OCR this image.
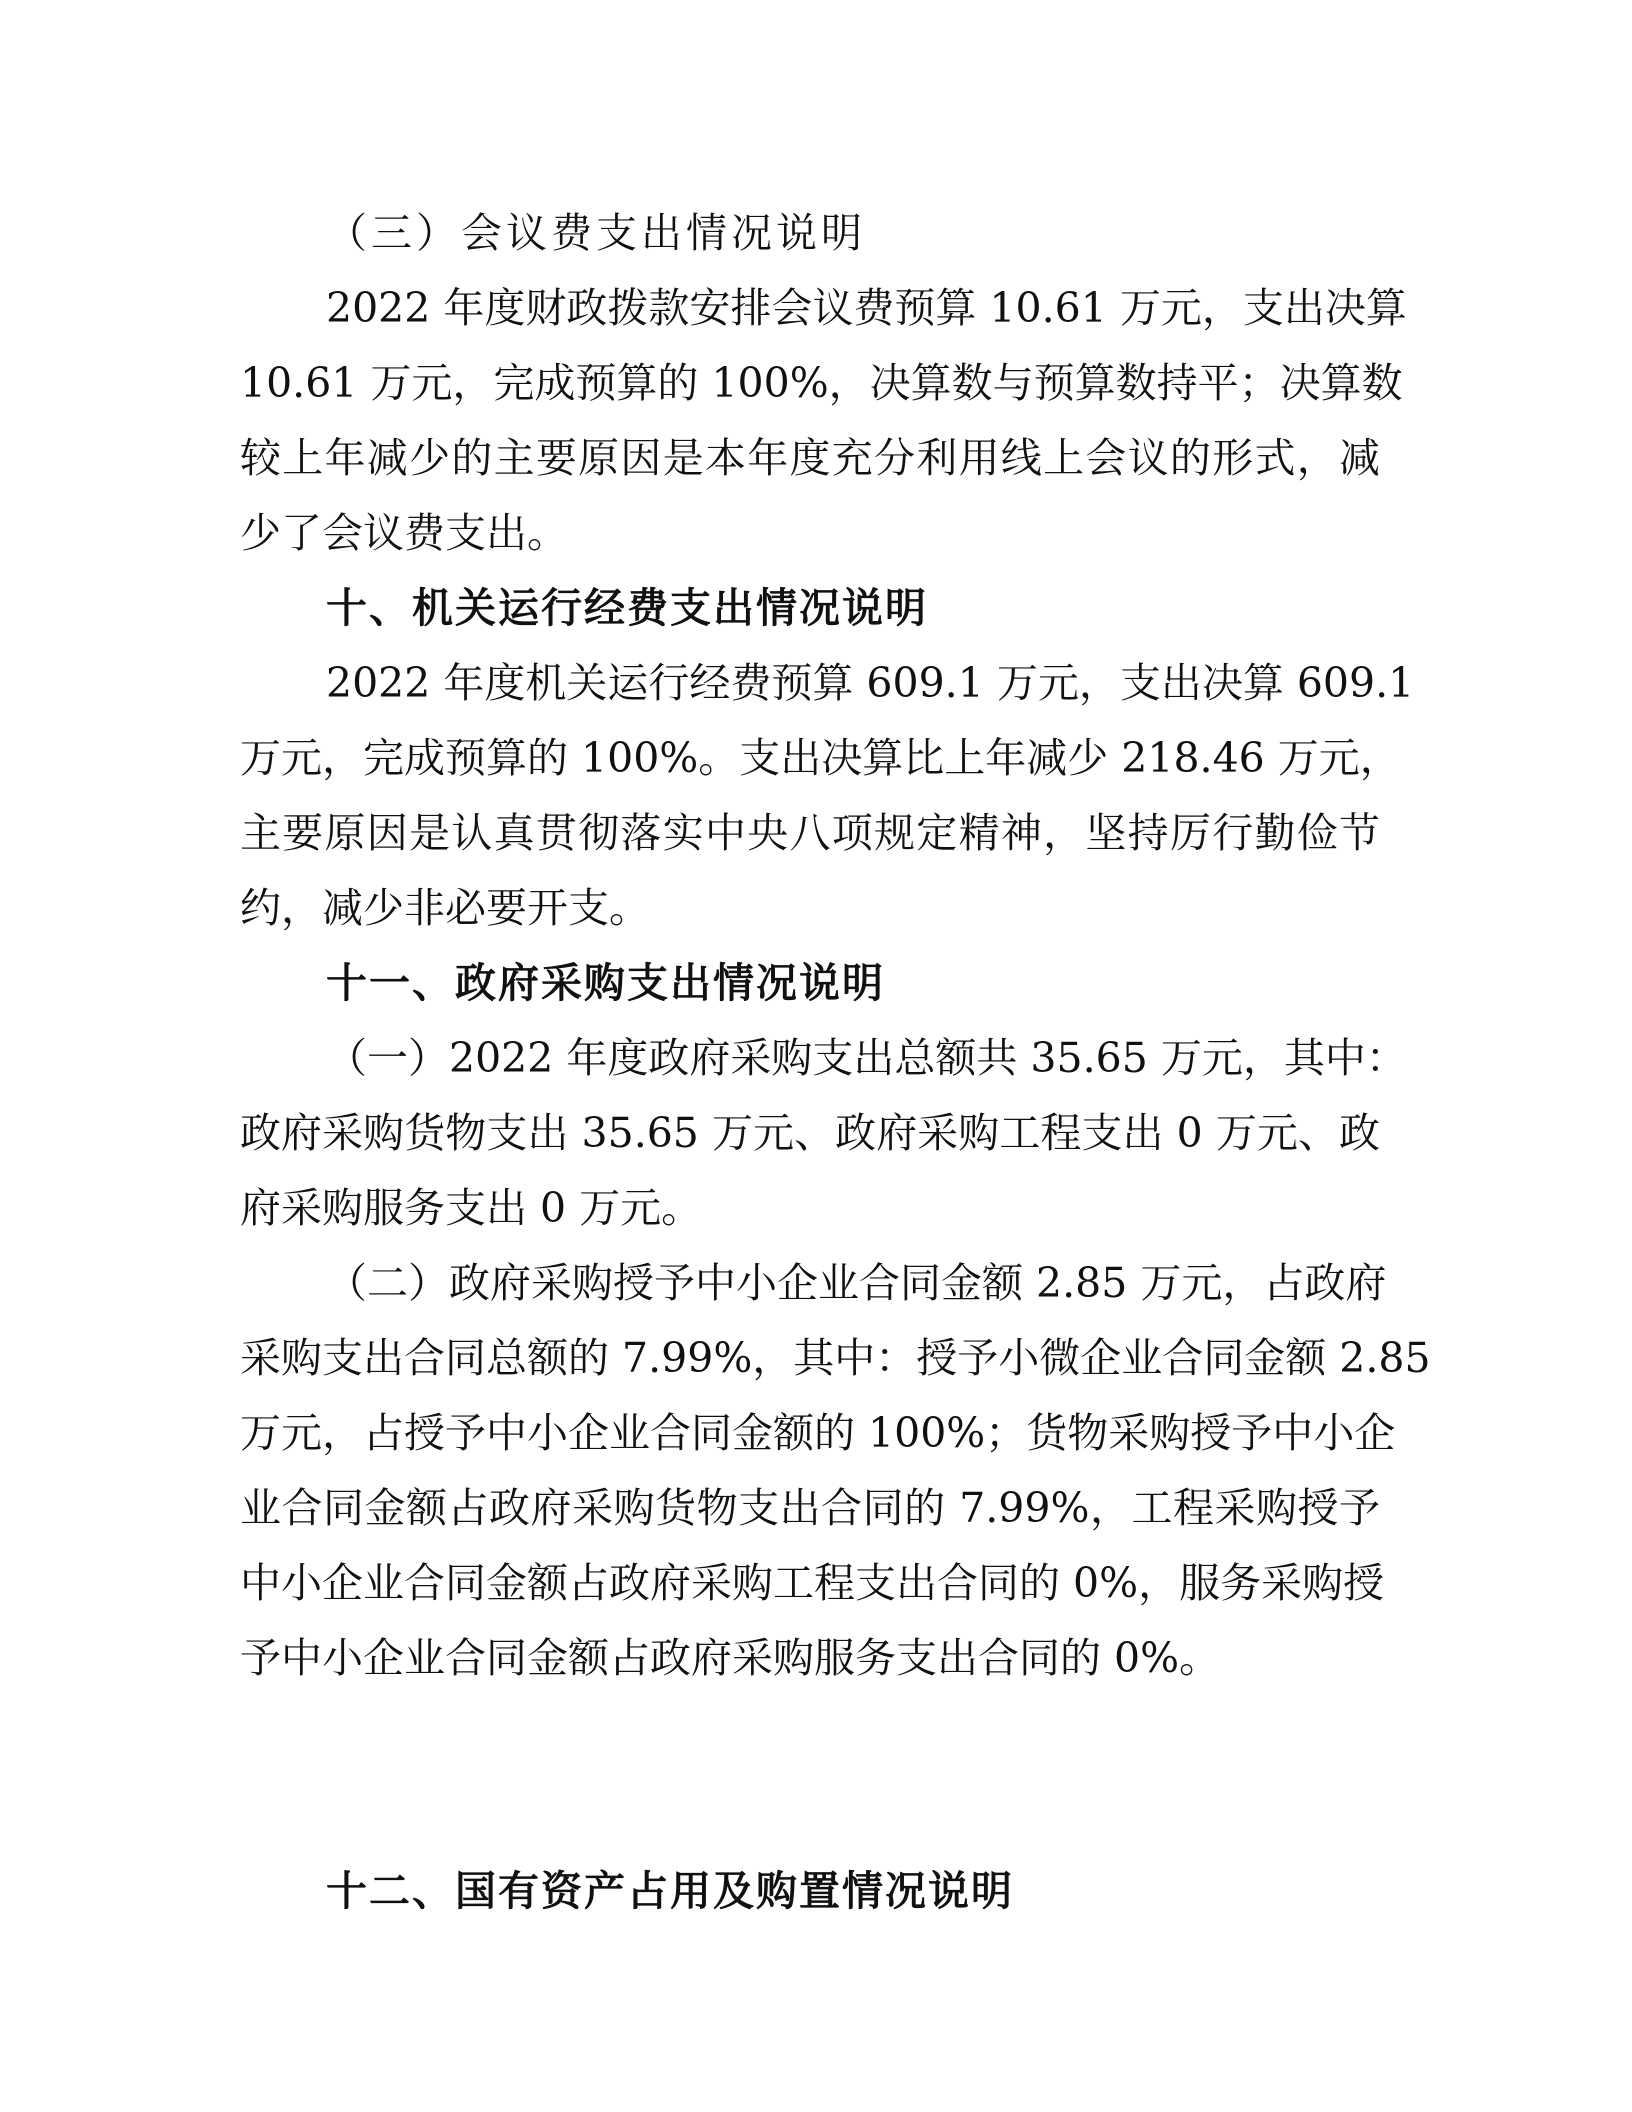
（三）会议费支出情况说明
2022 年度财政拨款安排会议费预算 10.61 万元，支出决算
10.61 万元，完成预算的 100%，决算数与预算数持平；决算数
较上年减少的主要原因是本年度充分利用线上会议的形式，减
少了会议费支出。
十、机关运行经费支出情况说明
2022 年度机关运行经费预算 609.1 万元，支出决算 609.1
万元，完成预算的 100%。支出决算比上年减少 218.46 万元，
主要原因是认真贯彻落实中央八项规定精神，坚持厉行勤俭节
约，减少非必要开支。
十一、政府采购支出情况说明
（一）2022 年度政府采购支出总额共 35.65 万元，其中：
政府采购货物支出 35.65 万元、政府采购工程支出 0 万元、政
府采购服务支出 0 万元。
（二）政府采购授予中小企业合同金额 2.85 万元，占政府
采购支出合同总额的 7.99%，其中：授予小微企业合同金额 2.85
万元，占授予中小企业合同金额的 100%；货物采购授予中小企
业合同金额占政府采购货物支出合同的 7.99%，工程采购授予
中小企业合同金额占政府采购工程支出合同的 0%，服务采购授
予中小企业合同金额占政府采购服务支出合同的 0%。
十二、国有资产占用及购置情况说明
